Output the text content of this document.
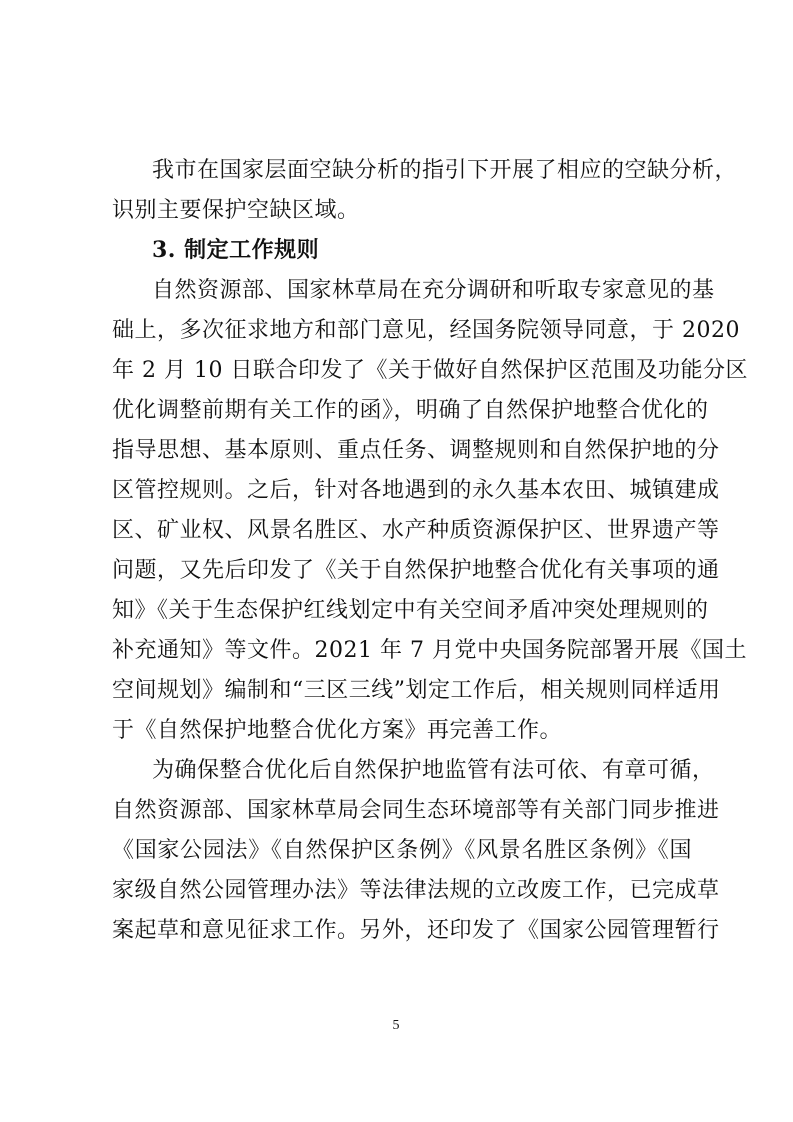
我市在国家层面空缺分析的指引下开展了相应的空缺分析，
识别主要保护空缺区域。
3. 制定工作规则
自然资源部、国家林草局在充分调研和听取专家意见的基
础上，多次征求地方和部门意见，经国务院领导同意，于 2020
年 2 月 10 日联合印发了《关于做好自然保护区范围及功能分区
优化调整前期有关工作的函》，明确了自然保护地整合优化的
指导思想、基本原则、重点任务、调整规则和自然保护地的分
区管控规则。之后，针对各地遇到的永久基本农田、城镇建成
区、矿业权、风景名胜区、水产种质资源保护区、世界遗产等
问题，又先后印发了《关于自然保护地整合优化有关事项的通
知》《关于生态保护红线划定中有关空间矛盾冲突处理规则的
补充通知》等文件。2021 年 7 月党中央国务院部署开展《国土
空间规划》编制和“三区三线”划定工作后，相关规则同样适用
于《自然保护地整合优化方案》再完善工作。
为确保整合优化后自然保护地监管有法可依、有章可循，
自然资源部、国家林草局会同生态环境部等有关部门同步推进
《国家公园法》《自然保护区条例》《风景名胜区条例》《国
家级自然公园管理办法》等法律法规的立改废工作，已完成草
案起草和意见征求工作。另外，还印发了《国家公园管理暂行
5
